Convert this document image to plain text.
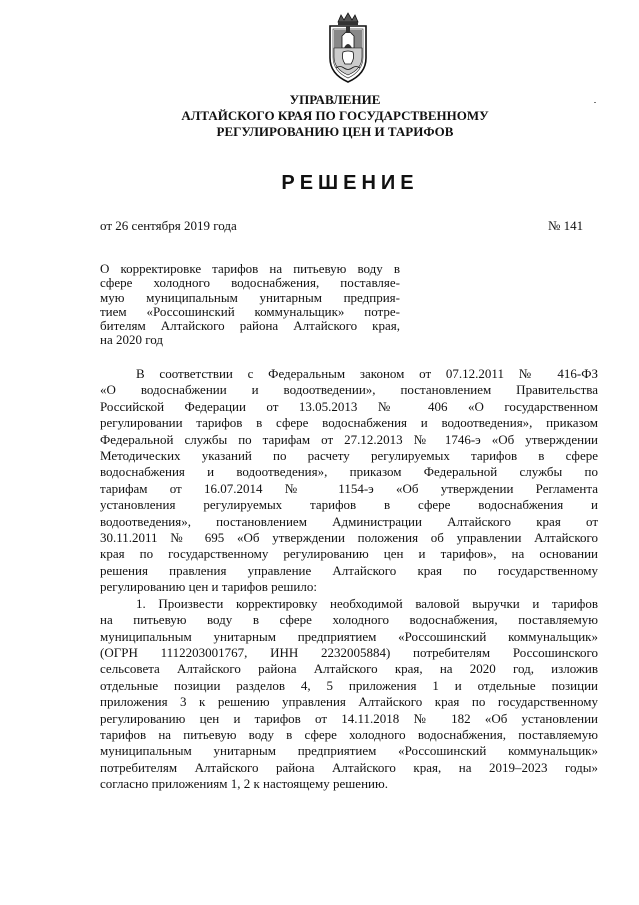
УПРАВЛЕНИЕ
АЛТАЙСКОГО КРАЯ ПО ГОСУДАРСТВЕННОМУ
РЕГУЛИРОВАНИЮ ЦЕН И ТАРИФОВ
РЕШЕНИЕ
от 26 сентября 2019 года	№ 141
О корректировке тарифов на питьевую воду в
сфере холодного водоснабжения, поставляе-
мую муниципальным унитарным предприя-
тием «Россошинский коммунальщик» потре-
бителям Алтайского района Алтайского края,
на 2020 год
В соответствии с Федеральным законом от 07.12.2011 № 416-ФЗ
«О водоснабжении и водоотведении», постановлением Правительства
Российской Федерации от 13.05.2013 № 406 «О государственном
регулировании тарифов в сфере водоснабжения и водоотведения», приказом
Федеральной службы по тарифам от 27.12.2013 № 1746-э «Об утверждении
Методических указаний по расчету регулируемых тарифов в сфере
водоснабжения и водоотведения», приказом Федеральной службы по
тарифам от 16.07.2014 № 1154-э «Об утверждении Регламента
установления регулируемых тарифов в сфере водоснабжения и
водоотведения», постановлением Администрации Алтайского края от
30.11.2011 № 695 «Об утверждении положения об управлении Алтайского
края по государственному регулированию цен и тарифов», на основании
решения правления управление Алтайского края по государственному
регулированию цен и тарифов решило:
1. Произвести корректировку необходимой валовой выручки и тарифов
на питьевую воду в сфере холодного водоснабжения, поставляемую
муниципальным унитарным предприятием «Россошинский коммунальщик»
(ОГРН 1112203001767, ИНН 2232005884) потребителям Россошинского
сельсовета Алтайского района Алтайского края, на 2020 год, изложив
отдельные позиции разделов 4, 5 приложения 1 и отдельные позиции
приложения 3 к решению управления Алтайского края по государственному
регулированию цен и тарифов от 14.11.2018 № 182 «Об установлении
тарифов на питьевую воду в сфере холодного водоснабжения, поставляемую
муниципальным унитарным предприятием «Россошинский коммунальщик»
потребителям Алтайского района Алтайского края, на 2019–2023 годы»
согласно приложениям 1, 2 к настоящему решению.
